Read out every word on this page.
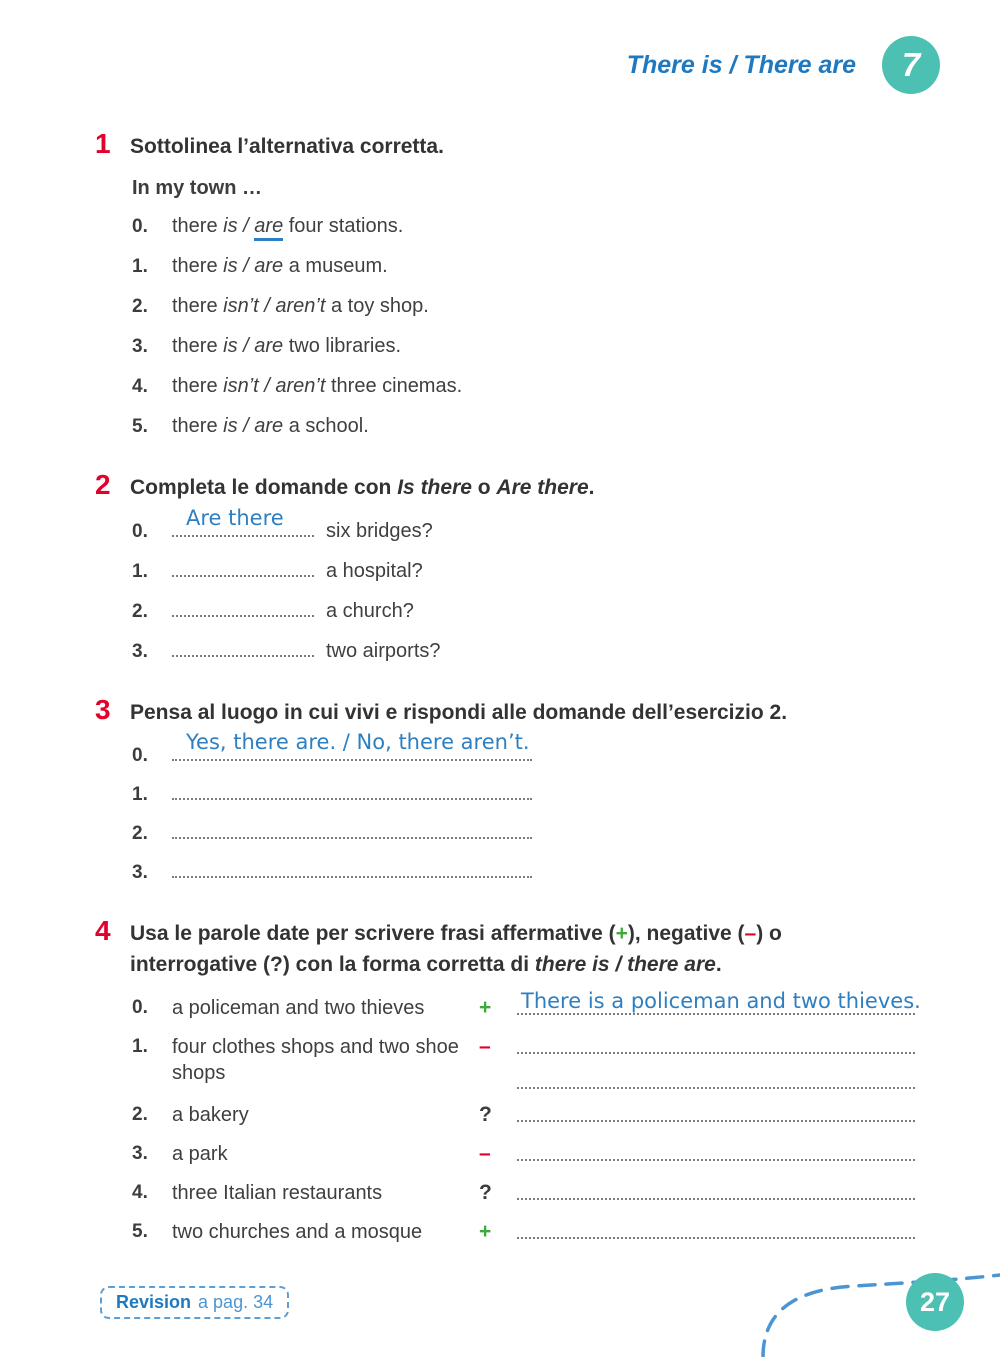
There is / There are	7
1 Sottolinea l’alternativa corretta.

In my town …

0.	there is / are four stations.
1.	there is / are a museum.
2.	there isn’t / aren’t a toy shop.
3.	there is / are two libraries.
4.	there isn’t / aren’t three cinemas.
5.	there is / are a school.
2 Completa le domande con Is there o Are there.
0.
Are there
six bridges?
1.	a hospital?
2.	a church?
3.	two airports?
3 Pensa al luogo in cui vivi e rispondi alle domande dell’esercizio 2.
0.
Yes, there are. / No, there aren’t.
1.
2.
3.
4 Usa le parole date per scrivere frasi affermative (+), negative (–) o interrogative (?) con la forma corretta di there is / there are.
0.	a policeman and two thieves	+	There is a policeman and two thieves.
1.	four clothes shops and two shoe shops
–
2.	a bakery	?
3.	a park	–
4.	three Italian restaurants	?
5.	two churches and a mosque	+
Revision a pag. 34	27
